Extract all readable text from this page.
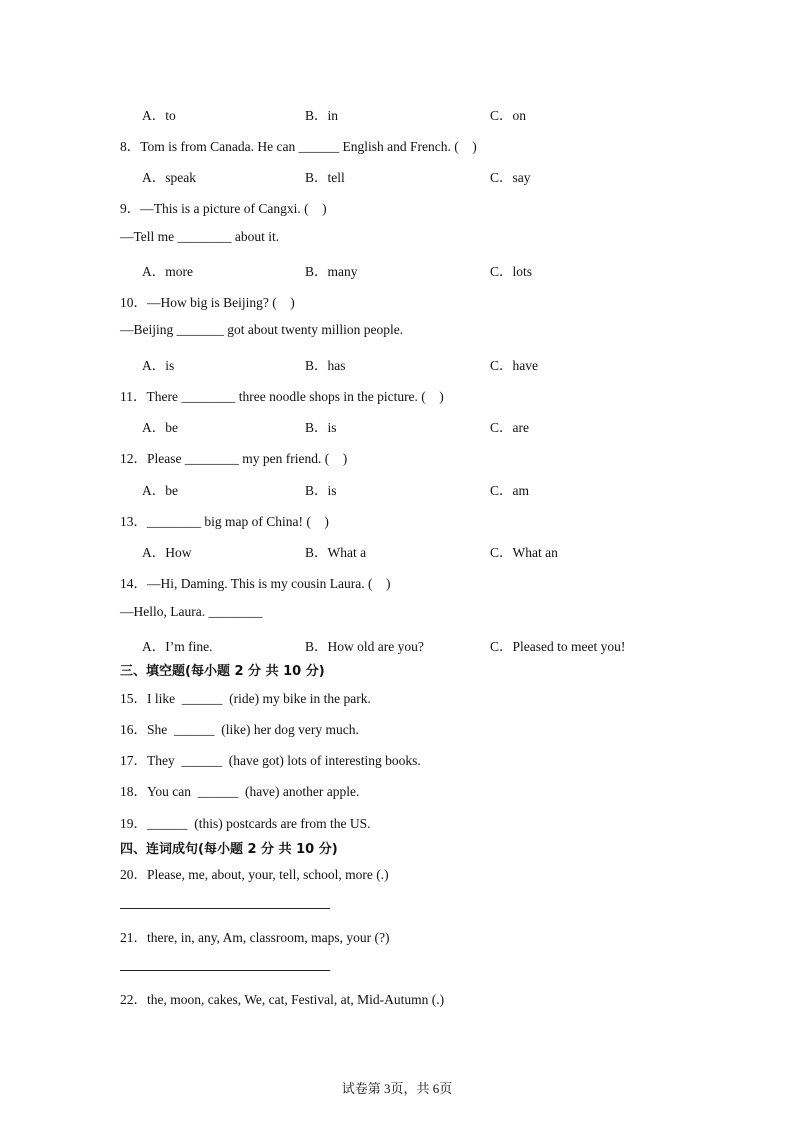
A．to	B．in	C．on
8．Tom is from Canada. He can ______ English and French. (    )
A．speak	B．tell	C．say
9．—This is a picture of Cangxi. (    )
—Tell me ________ about it.
A．more	B．many	C．lots
10．—How big is Beijing? (    )
—Beijing _______ got about twenty million people.
A．is	B．has	C．have
11．There ________ three noodle shops in the picture. (    )
A．be	B．is	C．are
12．Please ________ my pen friend. (    )
A．be	B．is	C．am
13．________ big map of China! (    )
A．How	B．What a	C．What an
14．—Hi, Daming. This is my cousin Laura. (    )
—Hello, Laura. ________
A．I’m fine.	B．How old are you?	C．Pleased to meet you!
三、填空题(每小题 2 分 共 10 分)
15．I like  ______  (ride) my bike in the park.
16．She  ______  (like) her dog very much.
17．They  ______  (have got) lots of interesting books.
18．You can  ______  (have) another apple.
19．______  (this) postcards are from the US.
四、连词成句(每小题 2 分 共 10 分)
20．Please, me, about, your, tell, school, more (.)
21．there, in, any, Am, classroom, maps, your (?)
22．the, moon, cakes, We, cat, Festival, at, Mid-Autumn (.)
试卷第 3页，共 6页
